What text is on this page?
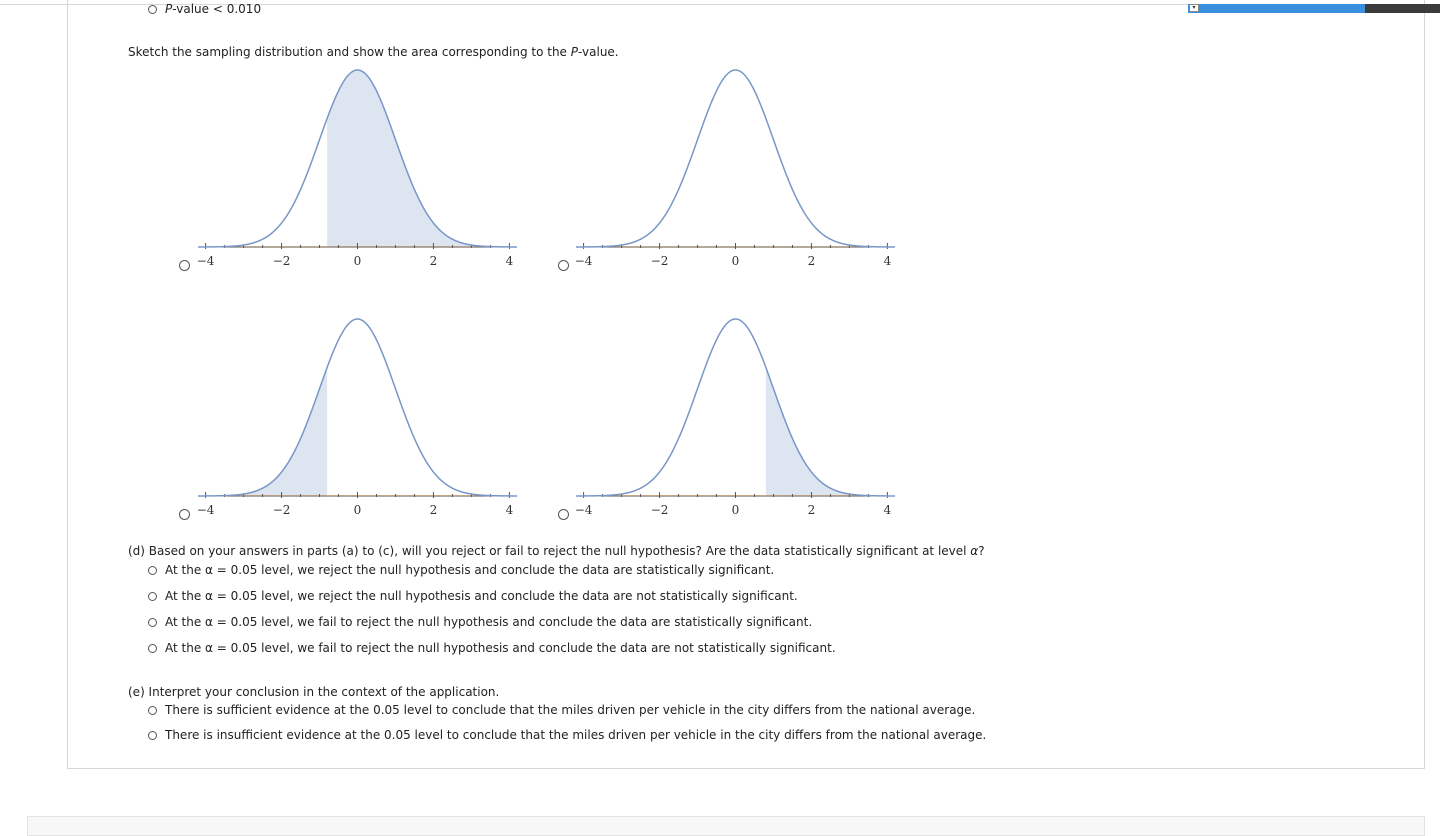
▾
P-value < 0.010
Sketch the sampling distribution and show the area corresponding to the P-value.
−4	−2	0	2	4	−4	−2	0	2	4
−4	−2	0	2	4	−4	−2	0	2	4
(d) Based on your answers in parts (a) to (c), will you reject or fail to reject the null hypothesis? Are the data statistically significant at level α?
At the α = 0.05 level, we reject the null hypothesis and conclude the data are statistically significant.
At the α = 0.05 level, we reject the null hypothesis and conclude the data are not statistically significant.
At the α = 0.05 level, we fail to reject the null hypothesis and conclude the data are statistically significant.
At the α = 0.05 level, we fail to reject the null hypothesis and conclude the data are not statistically significant.
(e) Interpret your conclusion in the context of the application.
There is sufficient evidence at the 0.05 level to conclude that the miles driven per vehicle in the city differs from the national average.
There is insufficient evidence at the 0.05 level to conclude that the miles driven per vehicle in the city differs from the national average.
